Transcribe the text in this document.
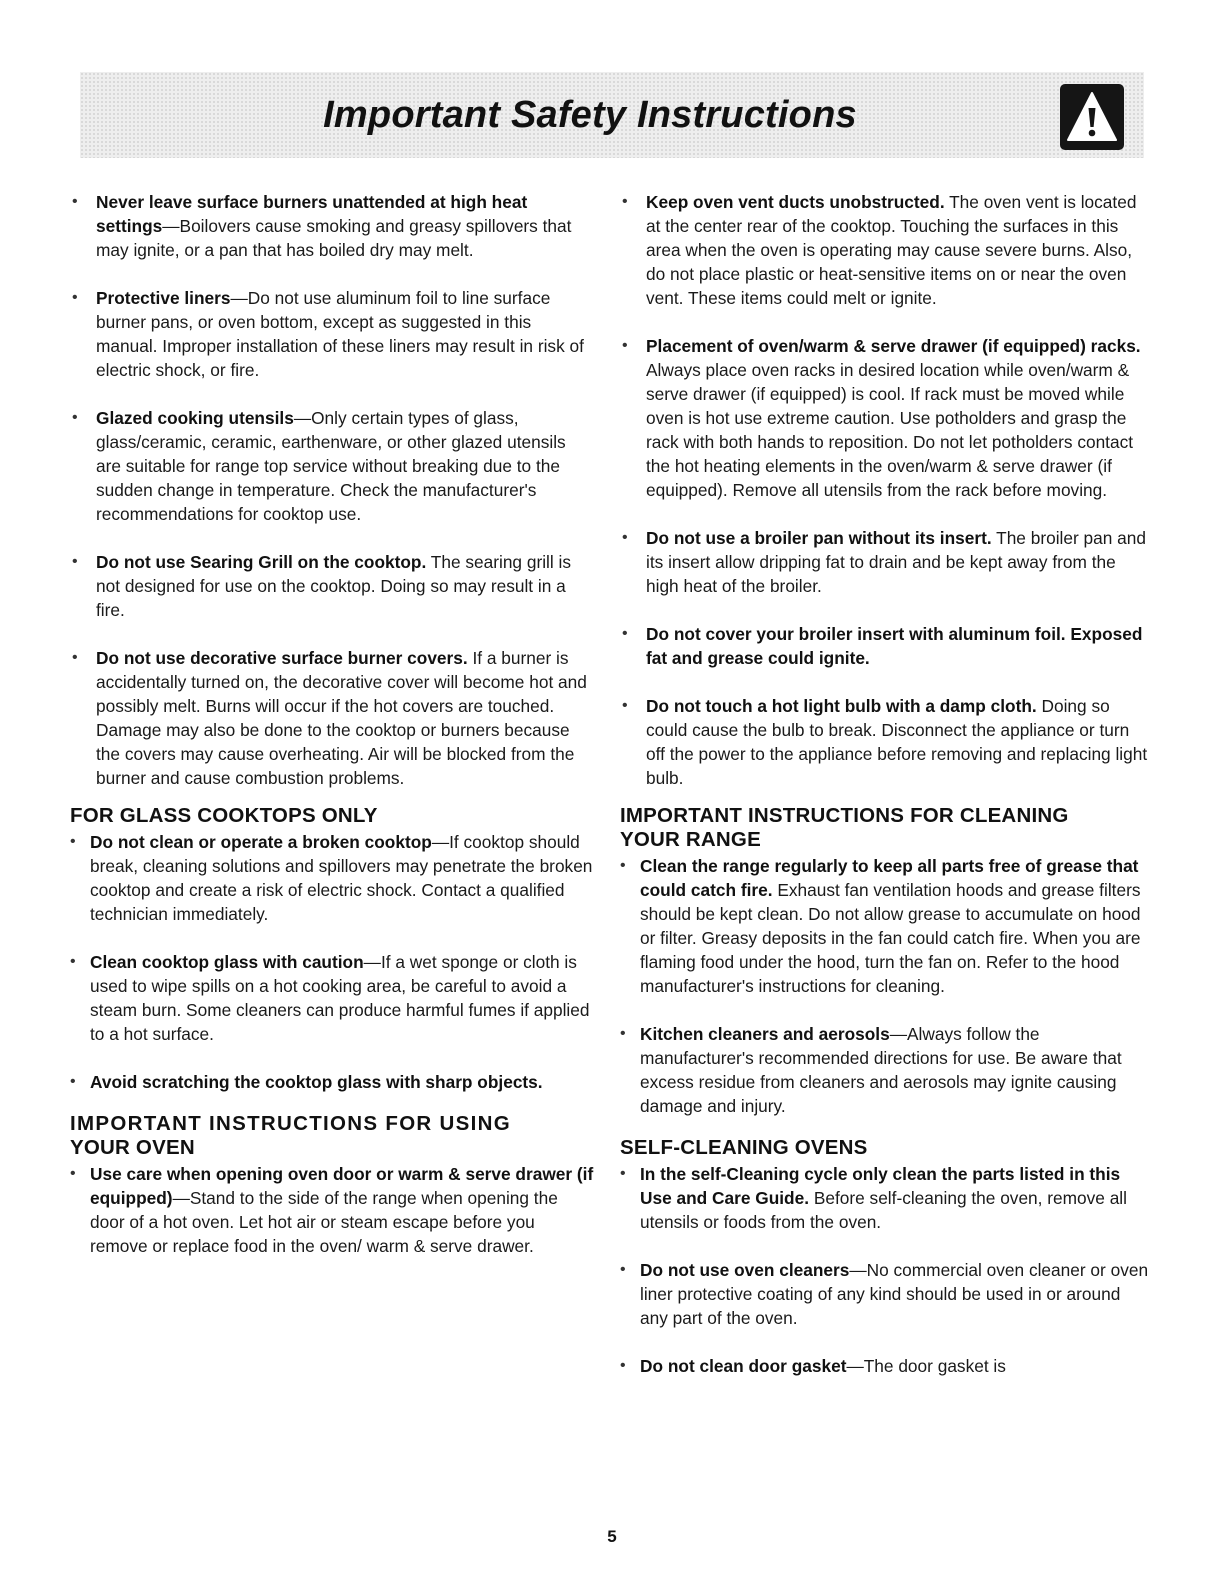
Important Safety Instructions
• Never leave surface burners unattended at high heat settings—Boilovers cause smoking and greasy spillovers that may ignite, or a pan that has boiled dry may melt.
• Protective liners—Do not use aluminum foil to line surface burner pans, or oven bottom, except as suggested in this manual. Improper installation of these liners may result in risk of electric shock, or fire.
• Glazed cooking utensils—Only certain types of glass, glass/ceramic, ceramic, earthenware, or other glazed utensils are suitable for range top service without breaking due to the sudden change in temperature. Check the manufacturer's recommendations for cooktop use.
• Do not use Searing Grill on the cooktop. The searing grill is not designed for use on the cooktop. Doing so may result in a fire.
• Do not use decorative surface burner covers. If a burner is accidentally turned on, the decorative cover will become hot and possibly melt. Burns will occur if the hot covers are touched. Damage may also be done to the cooktop or burners because the covers may cause overheating. Air will be blocked from the burner and cause combustion problems.
FOR GLASS COOKTOPS ONLY
• Do not clean or operate a broken cooktop—If cooktop should break, cleaning solutions and spillovers may penetrate the broken cooktop and create a risk of electric shock. Contact a qualified technician immediately.
• Clean cooktop glass with caution—If a wet sponge or cloth is used to wipe spills on a hot cooking area, be careful to avoid a steam burn. Some cleaners can produce harmful fumes if applied to a hot surface.
• Avoid scratching the cooktop glass with sharp objects.
IMPORTANT INSTRUCTIONS FOR USING
YOUR OVEN
• Use care when opening oven door or warm & serve drawer (if equipped)—Stand to the side of the range when opening the door of a hot oven. Let hot air or steam escape before you remove or replace food in the oven/ warm & serve drawer.
• Keep oven vent ducts unobstructed. The oven vent is located at the center rear of the cooktop. Touching the surfaces in this area when the oven is operating may cause severe burns. Also, do not place plastic or heat-sensitive items on or near the oven vent. These items could melt or ignite.
• Placement of oven/warm & serve drawer (if equipped) racks. Always place oven racks in desired location while oven/warm & serve drawer (if equipped) is cool. If rack must be moved while oven is hot use extreme caution. Use potholders and grasp the rack with both hands to reposition. Do not let potholders contact the hot heating elements in the oven/warm & serve drawer (if equipped). Remove all utensils from the rack before moving.
• Do not use a broiler pan without its insert. The broiler pan and its insert allow dripping fat to drain and be kept away from the high heat of the broiler.
• Do not cover your broiler insert with aluminum foil. Exposed fat and grease could ignite.
• Do not touch a hot light bulb with a damp cloth. Doing so could cause the bulb to break. Disconnect the appliance or turn off the power to the appliance before removing and replacing light bulb.
IMPORTANT INSTRUCTIONS FOR CLEANING
YOUR RANGE
• Clean the range regularly to keep all parts free of grease that could catch fire. Exhaust fan ventilation hoods and grease filters should be kept clean. Do not allow grease to accumulate on hood or filter. Greasy deposits in the fan could catch fire. When you are flaming food under the hood, turn the fan on. Refer to the hood manufacturer's instructions for cleaning.
• Kitchen cleaners and aerosols—Always follow the manufacturer's recommended directions for use. Be aware that excess residue from cleaners and aerosols may ignite causing damage and injury.
SELF-CLEANING OVENS
• In the self-Cleaning cycle only clean the parts listed in this Use and Care Guide. Before self-cleaning the oven, remove all utensils or foods from the oven.
• Do not use oven cleaners—No commercial oven cleaner or oven liner protective coating of any kind should be used in or around any part of the oven.
• Do not clean door gasket—The door gasket is
5
